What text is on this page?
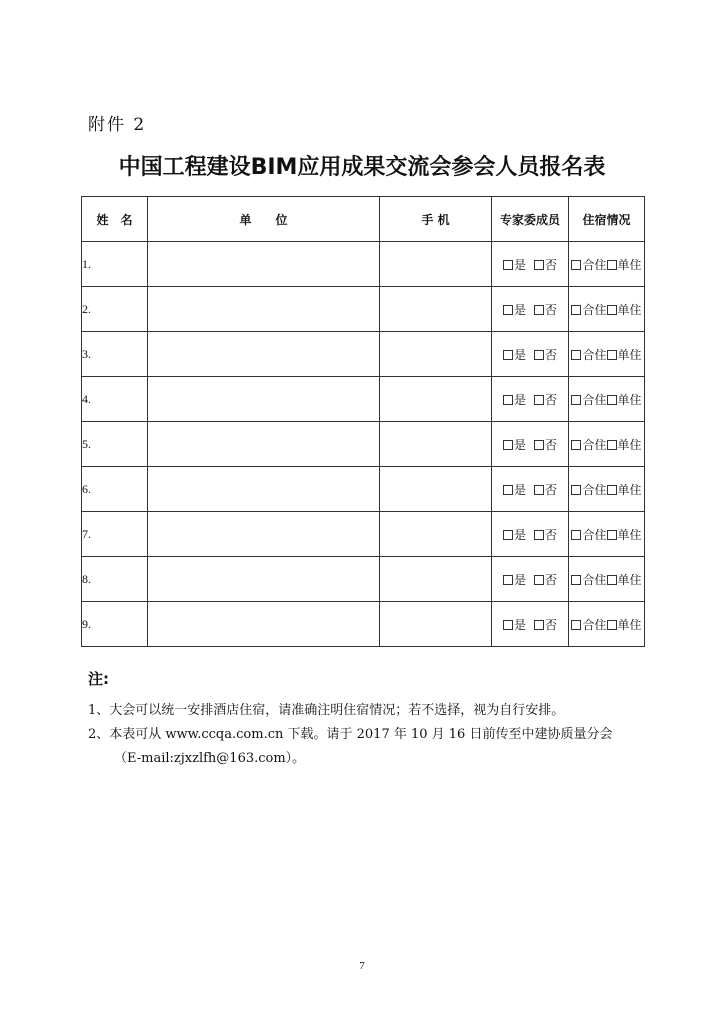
附件 2
中国工程建设BIM应用成果交流会参会人员报名表
姓　名	单　　位	手 机	专家委成员	住宿情况
1.			是 否	合住 单住
2.			是 否	合住 单住
3.			是 否	合住 单住
4.			是 否	合住 单住
5.			是 否	合住 单住
6.			是 否	合住 单住
7.			是 否	合住 单住
8.			是 否	合住 单住
9.			是 否	合住 单住
注:
1、大会可以统一安排酒店住宿，请准确注明住宿情况；若不选择，视为自行安排。
2、本表可从 www.ccqa.com.cn 下载。请于 2017 年 10 月 16 日前传至中建协质量分会
（E-mail:zjxzlfh@163.com）。
7
